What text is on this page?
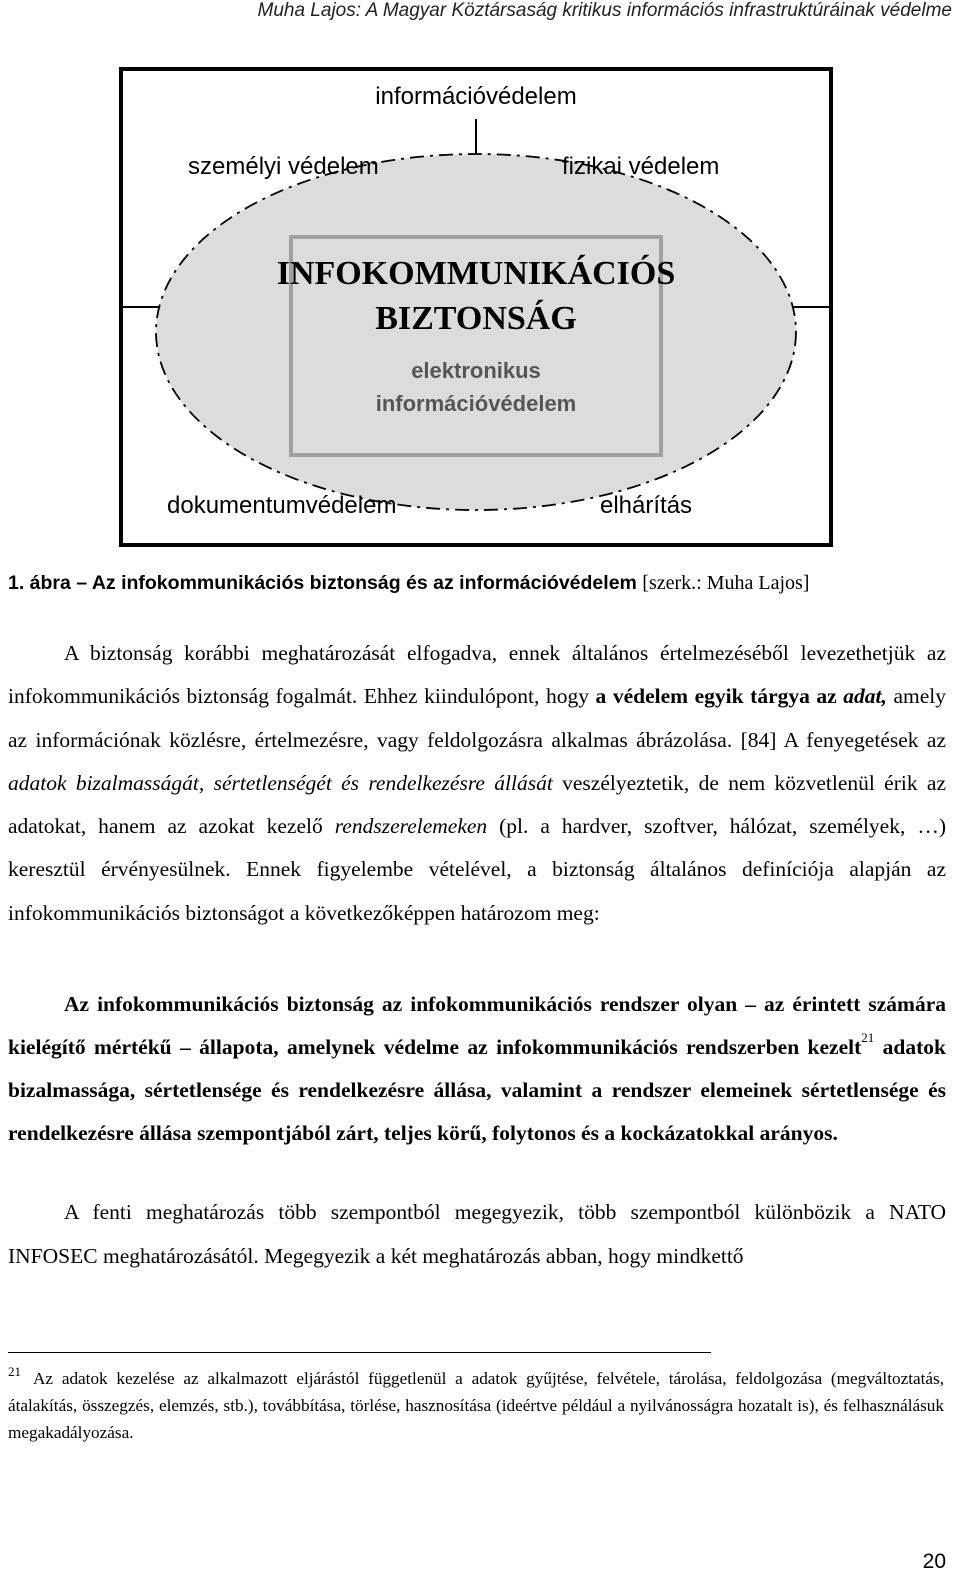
Muha Lajos: A Magyar Köztársaság kritikus információs infrastruktúráinak védelme
információvédelem
személyi védelem	fizikai védelem
INFOKOMMUNIKÁCIÓS
BIZTONSÁG
elektronikus
információvédelem
dokumentumvédelem	elhárítás
1. ábra – Az infokommunikációs biztonság és az információvédelem [szerk.: Muha Lajos]
A biztonság korábbi meghatározását elfogadva, ennek általános értelmezéséből levezethetjük az infokommunikációs biztonság fogalmát. Ehhez kiindulópont, hogy a védelem egyik tárgya az adat, amely az információnak közlésre, értelmezésre, vagy feldolgozásra alkalmas ábrázolása. [84] A fenyegetések az adatok bizalmasságát, sértetlenségét és rendelkezésre állását veszélyeztetik, de nem közvetlenül érik az adatokat, hanem az azokat kezelő rendszerelemeken (pl. a hardver, szoftver, hálózat, személyek, …) keresztül érvényesülnek. Ennek figyelembe vételével, a biztonság általános definíciója alapján az infokommunikációs biztonságot a következőképpen határozom meg:
Az infokommunikációs biztonság az infokommunikációs rendszer olyan – az érintett számára kielégítő mértékű – állapota, amelynek védelme az infokommunikációs rendszerben kezelt$^{21}$ adatok bizalmassága, sértetlensége és rendelkezésre állása, valamint a rendszer elemeinek sértetlensége és rendelkezésre állása szempontjából zárt, teljes körű, folytonos és a kockázatokkal arányos.
A fenti meghatározás több szempontból megegyezik, több szempontból különbözik a NATO INFOSEC meghatározásától. Megegyezik a két meghatározás abban, hogy mindkettő
$^{21}$ Az adatok kezelése az alkalmazott eljárástól függetlenül a adatok gyűjtése, felvétele, tárolása, feldolgozása (megváltoztatás, átalakítás, összegzés, elemzés, stb.), továbbítása, törlése, hasznosítása (ideértve például a nyilvánosságra hozatalt is), és felhasználásuk megakadályozása.
20
